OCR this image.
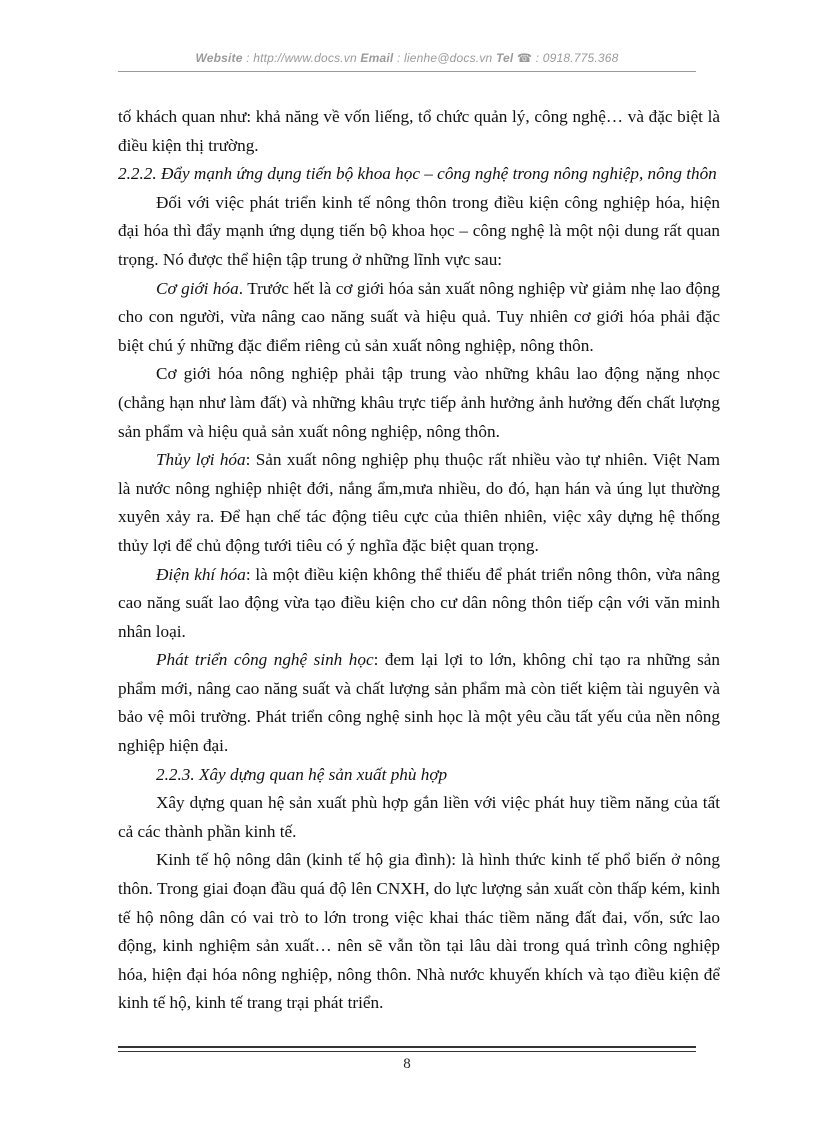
Website : http://www.docs.vn Email : lienhe@docs.vn Tel ☎ : 0918.775.368

tố khách quan như: khả năng về vốn liếng, tổ chức quản lý, công nghệ… và đặc biệt là điều kiện thị trường.

2.2.2. Đẩy mạnh ứng dụng tiến bộ khoa học – công nghệ trong nông nghiệp, nông thôn

Đối với việc phát triển kinh tế nông thôn trong điều kiện công nghiệp hóa, hiện đại hóa thì đẩy mạnh ứng dụng tiến bộ khoa học – công nghệ là một nội dung rất quan trọng. Nó được thể hiện tập trung ở những lĩnh vực sau:

Cơ giới hóa. Trước hết là cơ giới hóa sản xuất nông nghiệp vừ giảm nhẹ lao động cho con người, vừa nâng cao năng suất và hiệu quả. Tuy nhiên cơ giới hóa phải đặc biệt chú ý những đặc điểm riêng củ sản xuất nông nghiệp, nông thôn.

Cơ giới hóa nông nghiệp phải tập trung vào những khâu lao động nặng nhọc (chẳng hạn như làm đất) và những khâu trực tiếp ảnh hưởng ảnh hưởng đến chất lượng sản phẩm và hiệu quả sản xuất nông nghiệp, nông thôn.

Thủy lợi hóa: Sản xuất nông nghiệp phụ thuộc rất nhiều vào tự nhiên. Việt Nam là nước nông nghiệp nhiệt đới, nắng ẩm,mưa nhiều, do đó, hạn hán và úng lụt thường xuyên xảy ra. Để hạn chế tác động tiêu cực của thiên nhiên, việc xây dựng hệ thống thủy lợi để chủ động tưới tiêu có ý nghĩa đặc biệt quan trọng.

Điện khí hóa: là một điều kiện không thể thiếu để phát triển nông thôn, vừa nâng cao năng suất lao động vừa tạo điều kiện cho cư dân nông thôn tiếp cận với văn minh nhân loại.

Phát triển công nghệ sinh học: đem lại lợi to lớn, không chỉ tạo ra những sản phẩm mới, nâng cao năng suất và chất lượng sản phẩm mà còn tiết kiệm tài nguyên và bảo vệ môi trường. Phát triển công nghệ sinh học là một yêu cầu tất yếu của nền nông nghiệp hiện đại.

2.2.3. Xây dựng quan hệ sản xuất phù hợp

Xây dựng quan hệ sản xuất phù hợp gắn liền với việc phát huy tiềm năng của tất cả các thành phần kinh tế.

Kinh tế hộ nông dân (kinh tế hộ gia đình): là hình thức kinh tế phổ biến ở nông thôn. Trong giai đoạn đầu quá độ lên CNXH, do lực lượng sản xuất còn thấp kém, kinh tế hộ nông dân có vai trò to lớn trong việc khai thác tiềm năng đất đai, vốn, sức lao động, kinh nghiệm sản xuất… nên sẽ vẫn tồn tại lâu dài trong quá trình công nghiệp hóa, hiện đại hóa nông nghiệp, nông thôn. Nhà nước khuyến khích và tạo điều kiện để kinh tế hộ, kinh tế trang trại phát triển.

8
